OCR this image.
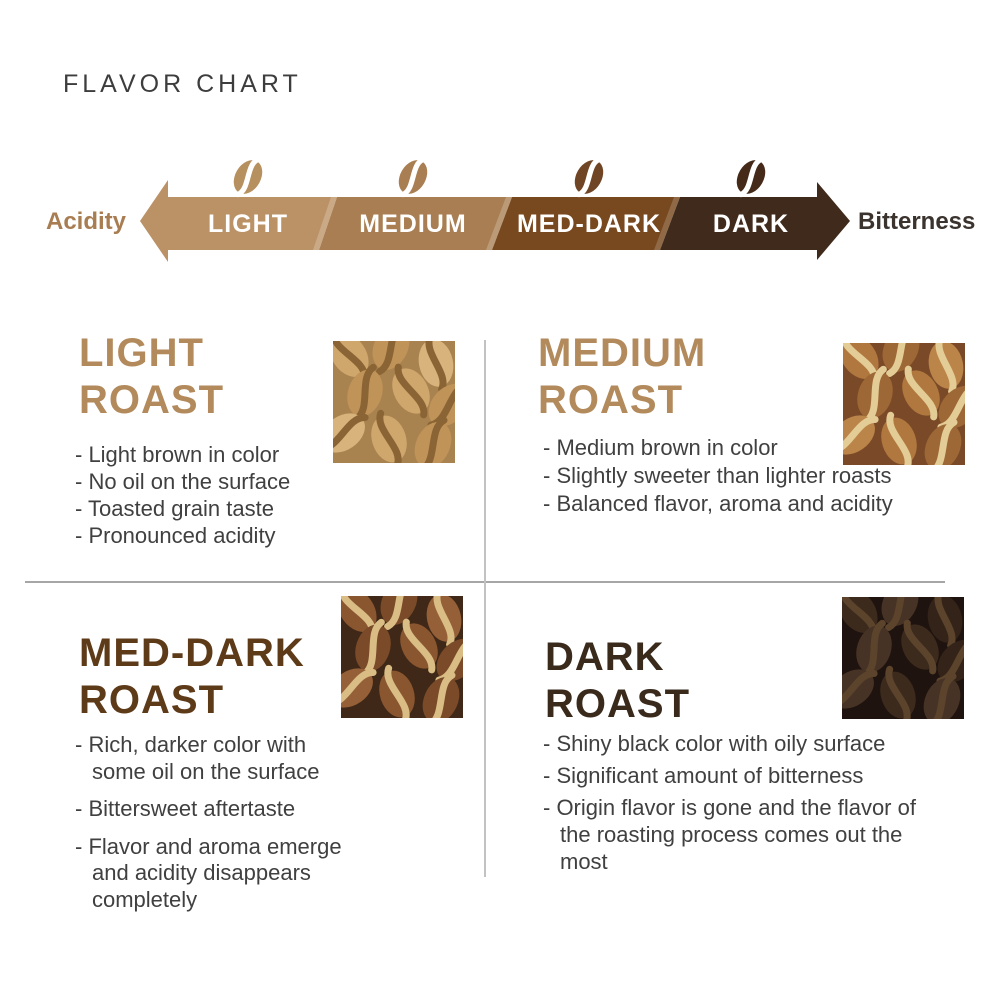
FLAVOR CHART
LIGHT	MEDIUM MED-DARK DARK
Acidity	Bitterness
LIGHT
ROAST
- Light brown in color
- No oil on the surface
- Toasted grain taste
- Pronounced acidity
MEDIUM
ROAST
- Medium brown in color
- Slightly sweeter than lighter roasts
- Balanced flavor, aroma and acidity
MED-DARK
ROAST
- Rich, darker color with some oil on the surface
- Bittersweet aftertaste
- Flavor and aroma emerge and acidity disappears completely
DARK
ROAST
- Shiny black color with oily surface
- Significant amount of bitterness
- Origin flavor is gone and the flavor of the roasting process comes out the most
